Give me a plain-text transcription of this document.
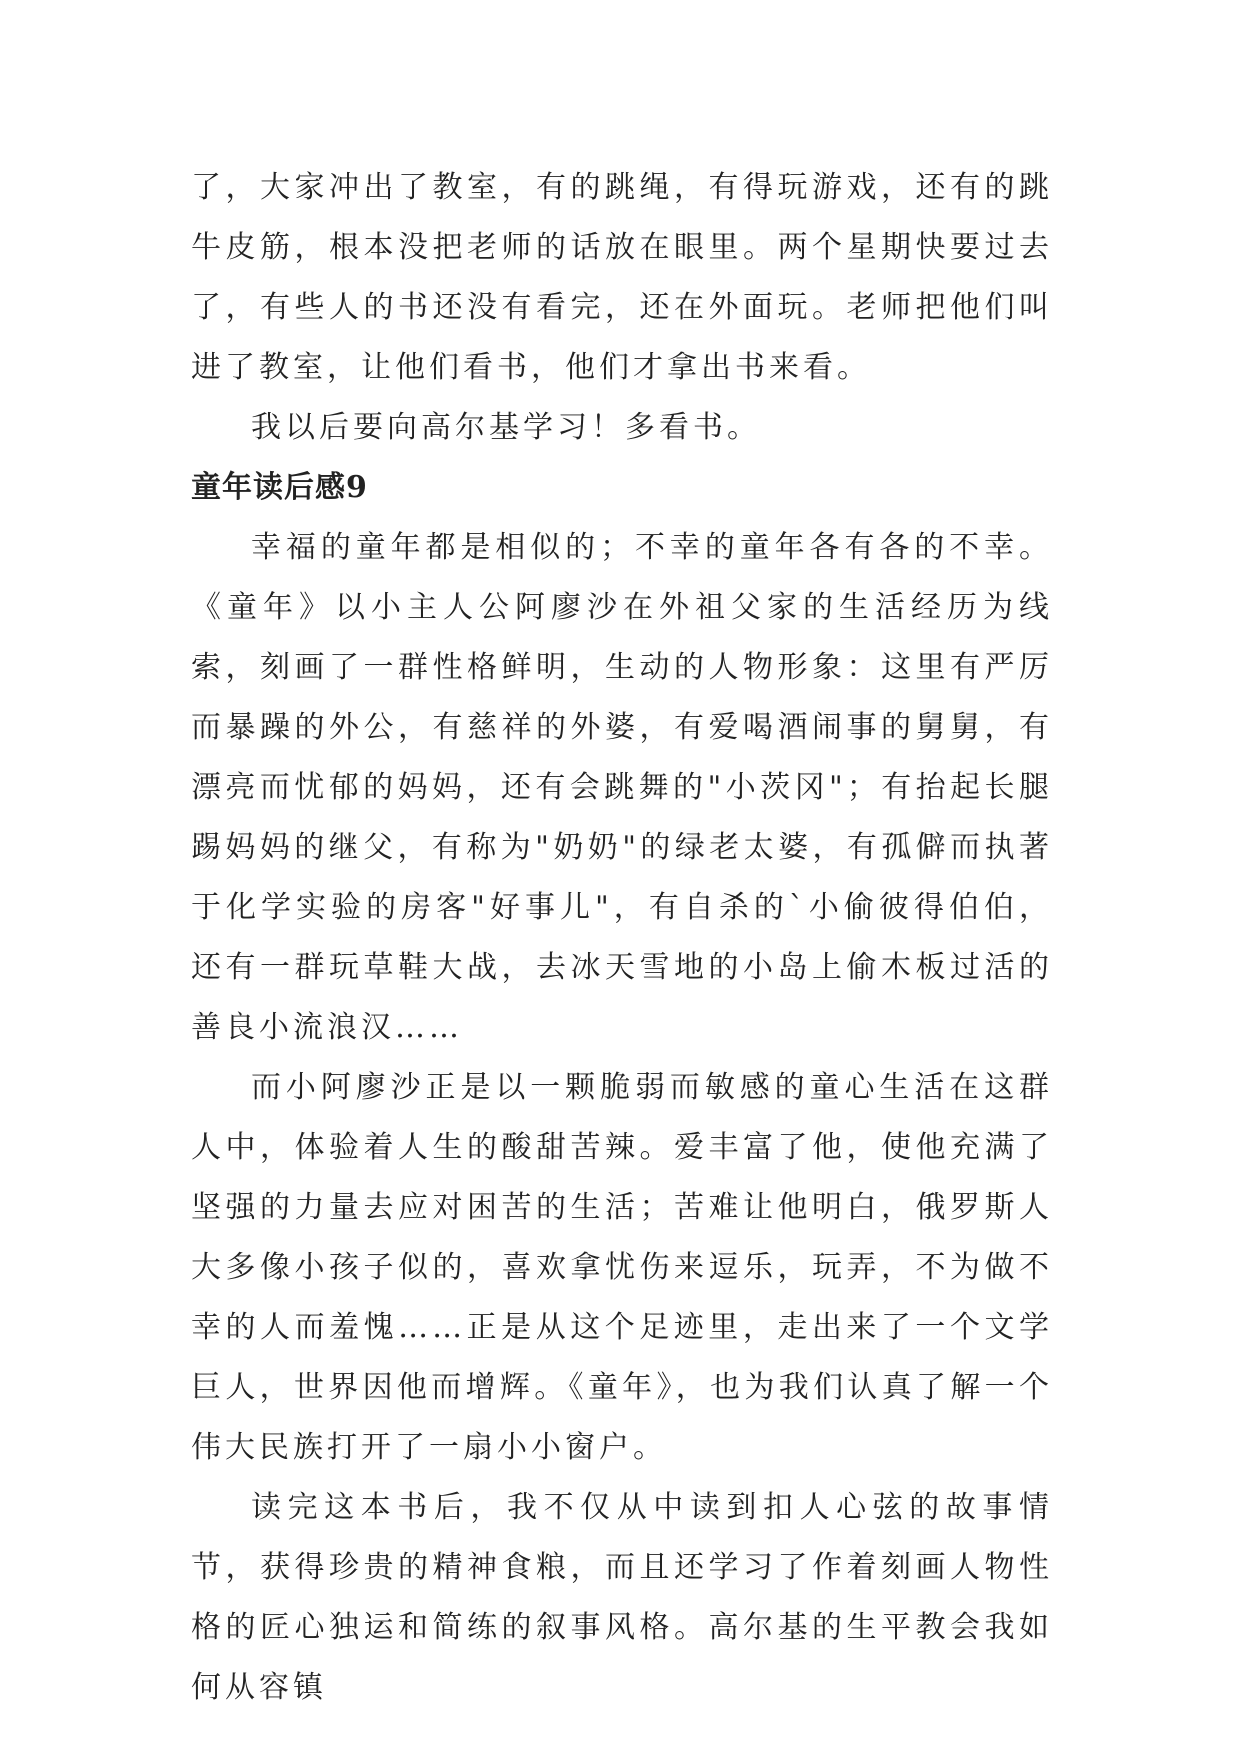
了，大家冲出了教室，有的跳绳，有得玩游戏，还有的跳牛皮筋，根本没把老师的话放在眼里。两个星期快要过去了，有些人的书还没有看完，还在外面玩。老师把他们叫进了教室，让他们看书，他们才拿出书来看。

我以后要向高尔基学习！多看书。

童年读后感9

幸福的童年都是相似的；不幸的童年各有各的不幸。《童年》以小主人公阿廖沙在外祖父家的生活经历为线索，刻画了一群性格鲜明，生动的人物形象：这里有严厉而暴躁的外公，有慈祥的外婆，有爱喝酒闹事的舅舅，有漂亮而忧郁的妈妈，还有会跳舞的"小茨冈"；有抬起长腿踢妈妈的继父，有称为"奶奶"的绿老太婆，有孤僻而执著于化学实验的房客"好事儿"，有自杀的`小偷彼得伯伯，还有一群玩草鞋大战，去冰天雪地的小岛上偷木板过活的善良小流浪汉……

而小阿廖沙正是以一颗脆弱而敏感的童心生活在这群人中，体验着人生的酸甜苦辣。爱丰富了他，使他充满了坚强的力量去应对困苦的生活；苦难让他明白，俄罗斯人大多像小孩子似的，喜欢拿忧伤来逗乐，玩弄，不为做不幸的人而羞愧……正是从这个足迹里，走出来了一个文学巨人，世界因他而增辉。《童年》，也为我们认真了解一个伟大民族打开了一扇小小窗户。

读完这本书后，我不仅从中读到扣人心弦的故事情节，获得珍贵的精神食粮，而且还学习了作着刻画人物性格的匠心独运和简练的叙事风格。高尔基的生平教会我如何从容镇
